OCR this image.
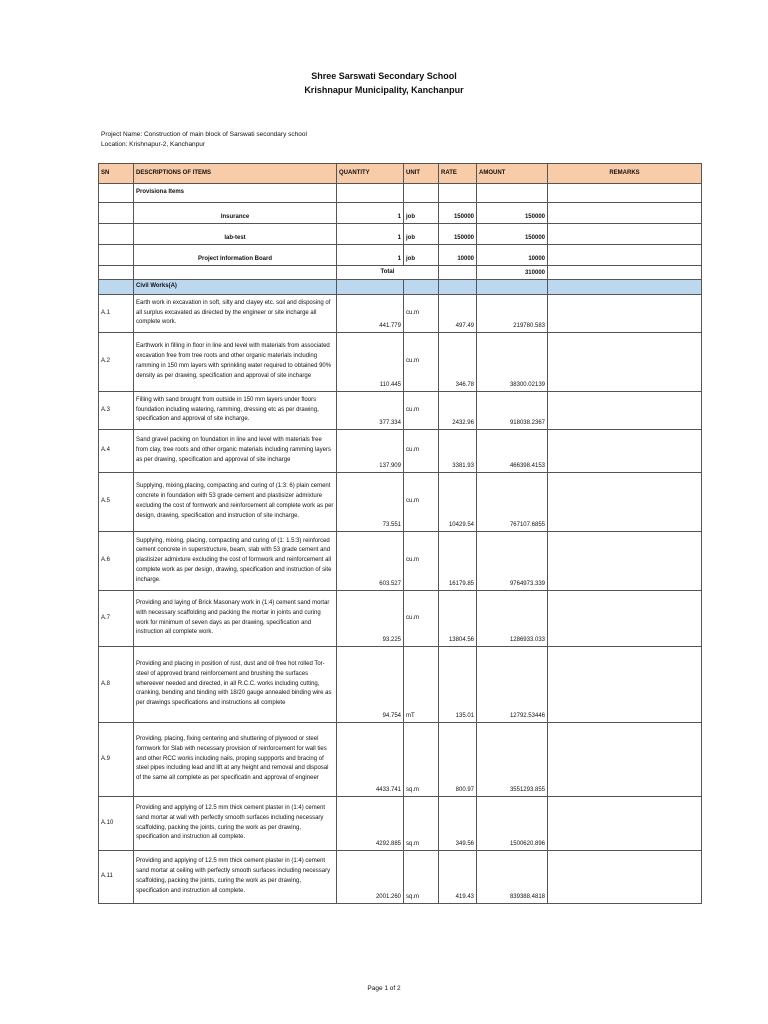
Shree Sarswati Secondary School
Krishnapur Municipality, Kanchanpur
Project Name: Construction of main block of Sarswati secondary school
Location: Krishnapur-2, Kanchanpur
SN	DESCRIPTIONS OF ITEMS	QUANTITY	UNIT	RATE	AMOUNT	REMARKS
	Provisiona Items					
	Insurance	1	job	150000	150000	
	lab-test	1	job	150000	150000	
	Project Information Board	1	job	10000	10000	
		Total			310000	
	Civil Works(A)					
A.1	Earth work in excavation in soft, silty and clayey etc. soil and disposing of all surplus excavated as directed by the engineer or site incharge all complete work.	441.779	cu.m	497.49	219780.583	
A.2	Earthwork in filling in floor in line and level with materials from associated excavation free from tree roots and other organic materials including ramming in 150 mm layers with sprinkling water required to obtained 90% density as per drawing, specification and approval of site incharge	110.445	cu.m	346.78	38300.02139	
A.3	Filling with sand brought from outside in 150 mm layers under floors foundation including watering, ramming, dressing etc as per drawing, specification and approval of site incharge.	377.334	cu.m	2432.96	918038.2367	
A.4	Sand gravel packing on foundation in line and level with materials free from clay, tree roots and other organic materials including ramming layers as per drawing, specification and approval of site incharge	137.909	cu.m	3381.93	466398.4153	
A.5	Supplying, mixing,placing, compacting and curing of (1:3: 6) plain cement concrete in foundation with 53 grade cement and plastisizer admixture excluding the cost of formwork and reinforcement all complete work as per design, drawing, specification and instruction of site incharge.	73.551	cu.m	10429.54	767107.6855	
A.6	Supplying, mixing, placing, compacting and curing of (1: 1.5:3) reinforced cement concrete in superstructure, beam, slab with 53 grade cement and plastisizer admixture excluding the cost of formwork and reinforcement all complete work as per design, drawing, specification and instruction of site incharge.	603.527	cu.m	16179.85	9764973.339	
A.7	Providing and laying of Brick Masonary work in (1:4) cement sand mortar with necessary scaffolding and packing the mortar in joints and curing work for minimum of seven days as per drawing, specification and instruction all complete work.	93.225	cu.m	13804.56	1286933.033	
A.8	Providing and placing in position of rust, dust and oil free hot rolled Tor-steel of approved brand reinforcement and brushing the surfaces whereever needed and directed, in all R.C.C. works including cutting, cranking, bending and binding with 18/20 gauge annealed binding wire as per drawings specifications and instructions all complete	94.754	mT	135.01	12792.53446	
A.9	Providing, placing, fixing centering and shuttering of plywood or steel formwork for Slab with necessary provision of reinforcement for wall ties and other RCC works including nails, proping suppports and bracing of steel pipes including lead and lift at any height and removal and disposal of the same all complete as per specificatin and approval of engineer	4433.741	sq.m	800.97	3551293.855	
A.10	Providing and applying of 12.5 mm thick cement plaster in (1:4) cement sand mortar at wall with perfectly smooth surfaces including necessary scaffolding, packing the joints, curing the work as per drawing, specification and instruction all complete.	4292.885	sq.m	349.56	1500620.896	
A.11	Providing and applying of 12.5 mm thick cement plaster in (1:4) cement sand mortar at ceiling with perfectly smooth surfaces including necessary scaffolding, packing the joints, curing the work as per drawing, specification and instruction all complete.	2001.260	sq.m	419.43	839388.4818	
Page 1 of 2
